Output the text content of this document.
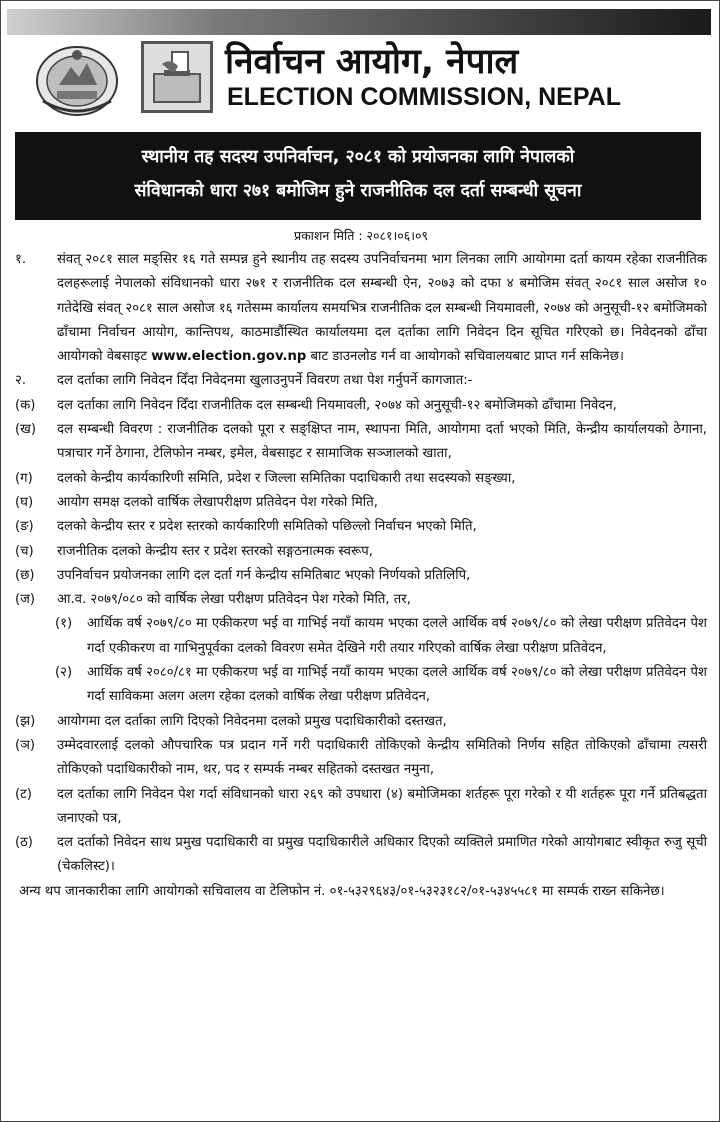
निर्वाचन आयोग, नेपाल
ELECTION COMMISSION, NEPAL
स्थानीय तह सदस्य उपनिर्वाचन, २०८१ को प्रयोजनका लागि नेपालको
संविधानको धारा २७१ बमोजिम हुने राजनीतिक दल दर्ता सम्बन्धी सूचना
प्रकाशन मिति : २०८१।०६।०९
१. संवत् २०८१ साल मङ्सिर १६ गते सम्पन्न हुने स्थानीय तह सदस्य उपनिर्वाचनमा भाग लिनका लागि आयोगमा दर्ता कायम रहेका राजनीतिक दलहरूलाई नेपालको संविधानको धारा २७१ र राजनीतिक दल सम्बन्धी ऐन, २०७३ को दफा ४ बमोजिम संवत् २०८१ साल असोज १० गतेदेखि संवत् २०८१ साल असोज १६ गतेसम्म कार्यालय समयभित्र राजनीतिक दल सम्बन्धी नियमावली, २०७४ को अनुसूची-१२ बमोजिमको ढाँचामा निर्वाचन आयोग, कान्तिपथ, काठमाडौंस्थित कार्यालयमा दल दर्ताका लागि निवेदन दिन सूचित गरिएको छ। निवेदनको ढाँचा आयोगको वेबसाइट www.election.gov.np बाट डाउनलोड गर्न वा आयोगको सचिवालयबाट प्राप्त गर्न सकिनेछ।
२. दल दर्ताका लागि निवेदन दिँदा निवेदनमा खुलाउनुपर्ने विवरण तथा पेश गर्नुपर्ने कागजात:-
(क) दल दर्ताका लागि निवेदन दिँदा राजनीतिक दल सम्बन्धी नियमावली, २०७४ को अनुसूची-१२ बमोजिमको ढाँचामा निवेदन,
(ख) दल सम्बन्धी विवरण : राजनीतिक दलको पूरा र सङ्क्षिप्त नाम, स्थापना मिति, आयोगमा दर्ता भएको मिति, केन्द्रीय कार्यालयको ठेगाना, पत्राचार गर्ने ठेगाना, टेलिफोन नम्बर, इमेल, वेबसाइट र सामाजिक सञ्जालको खाता,
(ग) दलको केन्द्रीय कार्यकारिणी समिति, प्रदेश र जिल्ला समितिका पदाधिकारी तथा सदस्यको सङ्ख्या,
(घ) आयोग समक्ष दलको वार्षिक लेखापरीक्षण प्रतिवेदन पेश गरेको मिति,
(ङ) दलको केन्द्रीय स्तर र प्रदेश स्तरको कार्यकारिणी समितिको पछिल्लो निर्वाचन भएको मिति,
(च) राजनीतिक दलको केन्द्रीय स्तर र प्रदेश स्तरको सङ्गठनात्मक स्वरूप,
(छ) उपनिर्वाचन प्रयोजनका लागि दल दर्ता गर्न केन्द्रीय समितिबाट भएको निर्णयको प्रतिलिपि,
(ज) आ.व. २०७९/०८० को वार्षिक लेखा परीक्षण प्रतिवेदन पेश गरेको मिति, तर,
(१) आर्थिक वर्ष २०७९/८० मा एकीकरण भई वा गाभिई नयाँ कायम भएका दलले आर्थिक वर्ष २०७९/८० को लेखा परीक्षण प्रतिवेदन पेश गर्दा एकीकरण वा गाभिनुपूर्वका दलको विवरण समेत देखिने गरी तयार गरिएको वार्षिक लेखा परीक्षण प्रतिवेदन,
(२) आर्थिक वर्ष २०८०/८१ मा एकीकरण भई वा गाभिई नयाँ कायम भएका दलले आर्थिक वर्ष २०७९/८० को लेखा परीक्षण प्रतिवेदन पेश गर्दा साविकमा अलग अलग रहेका दलको वार्षिक लेखा परीक्षण प्रतिवेदन,
(झ) आयोगमा दल दर्ताका लागि दिएको निवेदनमा दलको प्रमुख पदाधिकारीको दस्तखत,
(ञ) उम्मेदवारलाई दलको औपचारिक पत्र प्रदान गर्ने गरी पदाधिकारी तोकिएको केन्द्रीय समितिको निर्णय सहित तोकिएको ढाँचामा त्यसरी तोकिएको पदाधिकारीको नाम, थर, पद र सम्पर्क नम्बर सहितको दस्तखत नमुना,
(ट) दल दर्ताका लागि निवेदन पेश गर्दा संविधानको धारा २६९ को उपधारा (४) बमोजिमका शर्तहरू पूरा गरेको र यी शर्तहरू पूरा गर्ने प्रतिबद्धता जनाएको पत्र,
(ठ) दल दर्ताको निवेदन साथ प्रमुख पदाधिकारी वा प्रमुख पदाधिकारीले अधिकार दिएको व्यक्तिले प्रमाणित गरेको आयोगबाट स्वीकृत रुजु सूची (चेकलिस्ट)।
अन्य थप जानकारीका लागि आयोगको सचिवालय वा टेलिफोन नं. ०१-५३२९६४३/०१-५३२३१८२/०१-५३४५५८१ मा सम्पर्क राख्न सकिनेछ।
